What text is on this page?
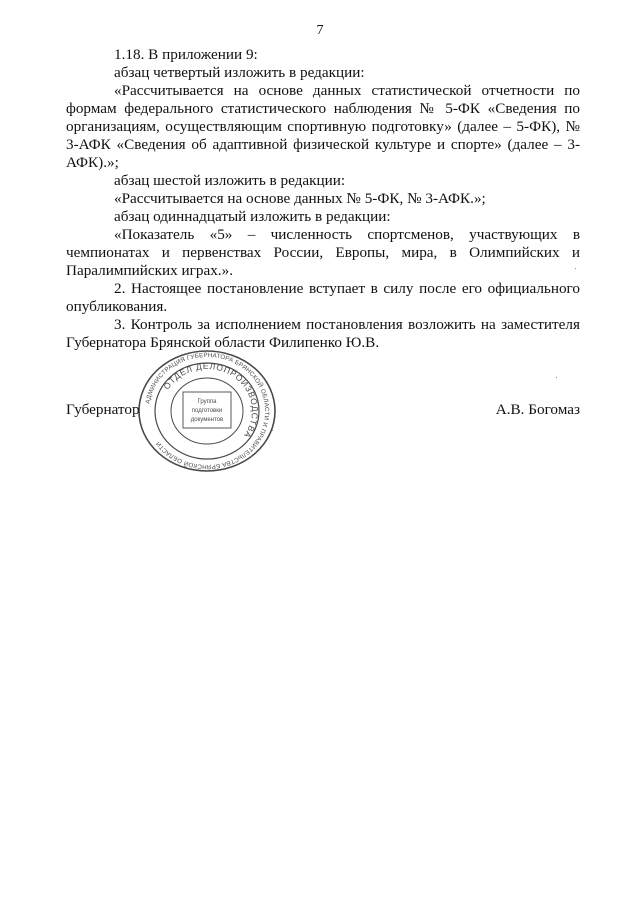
7

1.18. В приложении 9:

абзац четвертый изложить в редакции:

«Рассчитывается на основе данных статистической отчетности по формам федерального статистического наблюдения № 5-ФК «Сведения по организациям, осуществляющим спортивную подготовку» (далее – 5-ФК), № 3-АФК «Сведения об адаптивной физической культуре и спорте» (далее – 3-АФК).»;

абзац шестой изложить в редакции:

«Рассчитывается на основе данных № 5-ФК, № 3-АФК.»;

абзац одиннадцатый изложить в редакции:

«Показатель «5» – численность спортсменов, участвующих в чемпионатах и первенствах России, Европы, мира, в Олимпийских и Паралимпийских играх.».

2. Настоящее постановление вступает в силу после его официального опубликования.

3. Контроль за исполнением постановления возложить на заместителя Губернатора Брянской области Филипенко Ю.В.

Губернатор	А.В. Богомаз
АДМИНИСТРАЦИЯ ГУБЕРНАТОРА БРЯНСКОЙ ОБЛАСТИ И ПРАВИТЕЛЬСТВА БРЯНСКОЙ ОБЛАСТИ
ОТДЕЛ ДЕЛОПРОИЗВОДСТВА
Группа
подготовки
документов
